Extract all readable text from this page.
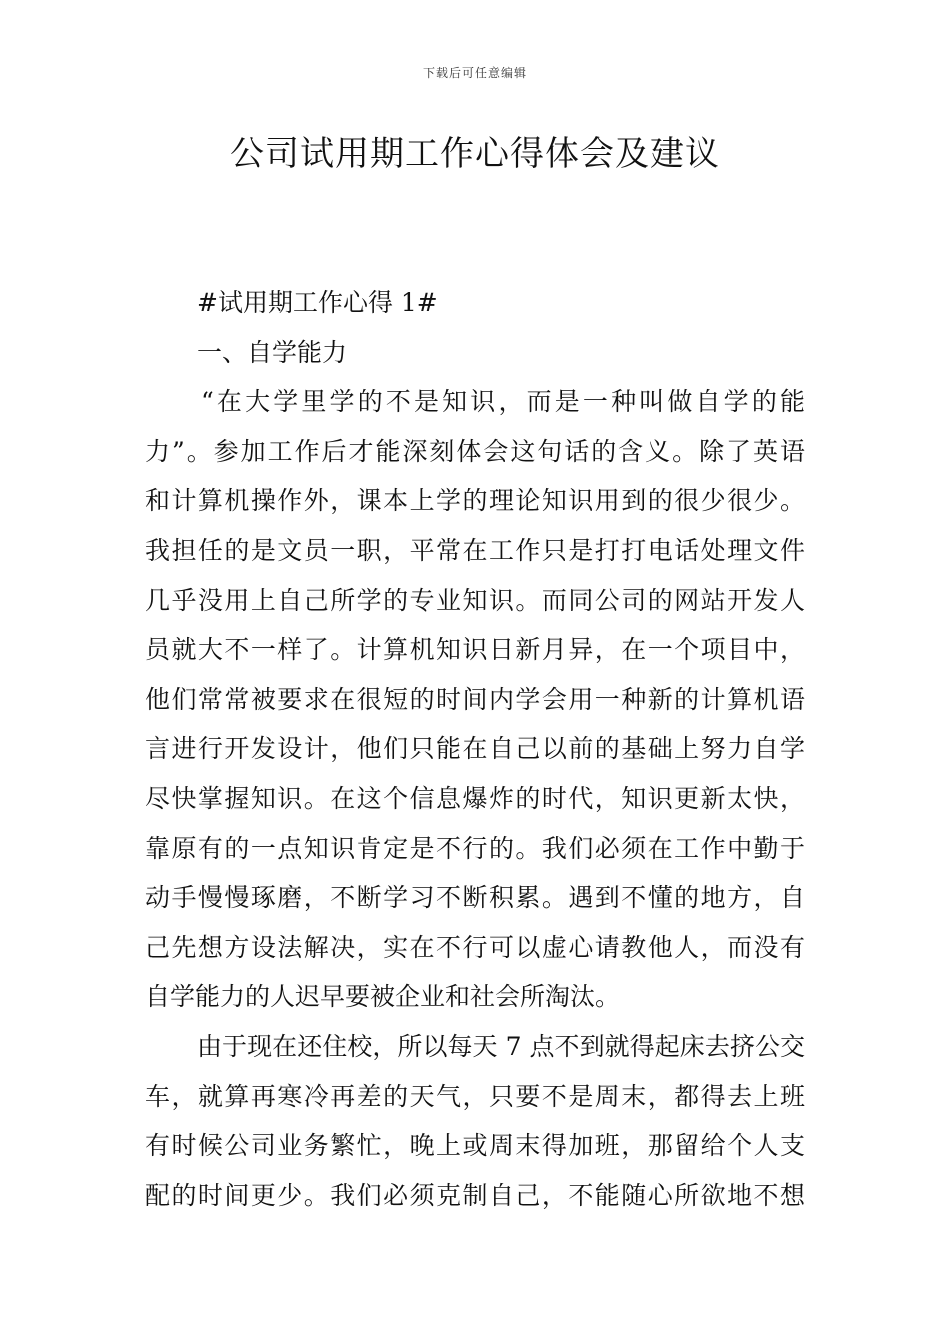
下载后可任意编辑
公司试用期工作心得体会及建议
#试用期工作心得 1#
一、自学能力
“在大学里学的不是知识，而是一种叫做自学的能
力”。参加工作后才能深刻体会这句话的含义。除了英语
和计算机操作外，课本上学的理论知识用到的很少很少。
我担任的是文员一职，平常在工作只是打打电话处理文件
几乎没用上自己所学的专业知识。而同公司的网站开发人
员就大不一样了。计算机知识日新月异，在一个项目中，
他们常常被要求在很短的时间内学会用一种新的计算机语
言进行开发设计，他们只能在自己以前的基础上努力自学
尽快掌握知识。在这个信息爆炸的时代，知识更新太快，
靠原有的一点知识肯定是不行的。我们必须在工作中勤于
动手慢慢琢磨，不断学习不断积累。遇到不懂的地方，自
己先想方设法解决，实在不行可以虚心请教他人，而没有
自学能力的人迟早要被企业和社会所淘汰。
由于现在还住校，所以每天 7 点不到就得起床去挤公交
车，就算再寒冷再差的天气，只要不是周末，都得去上班
有时候公司业务繁忙，晚上或周末得加班，那留给个人支
配的时间更少。我们必须克制自己，不能随心所欲地不想
